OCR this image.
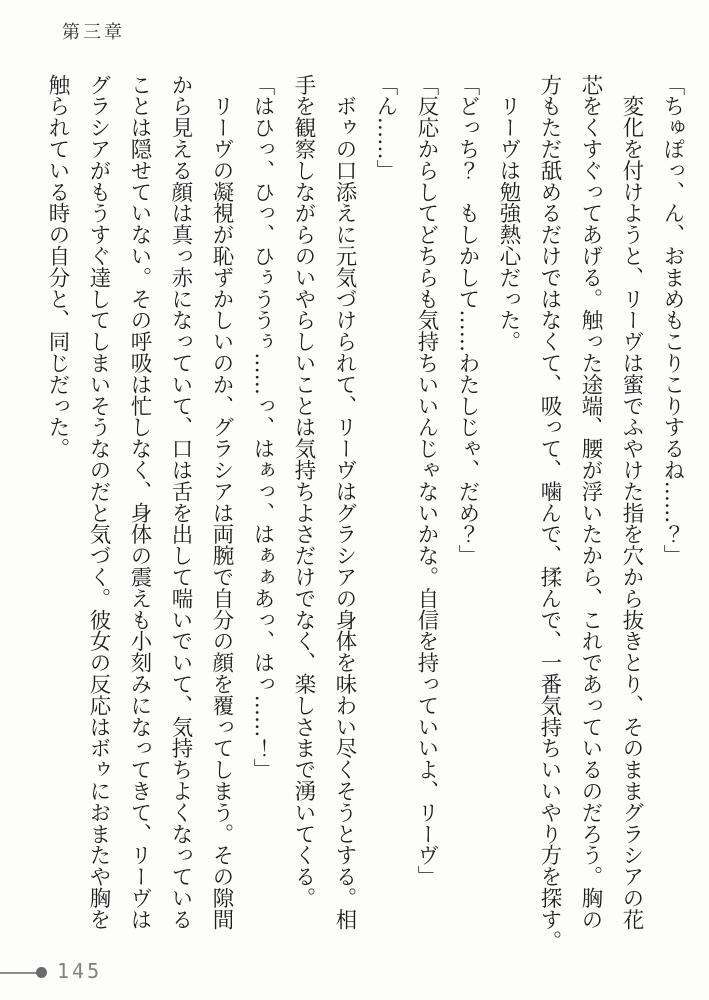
第三章

「ちゅぽっ、ん、おまめもこりこりするね……？」

　変化を付けようと、リーヴは蜜でふやけた指を穴から抜きとり、そのままグラシアの花

芯をくすぐってあげる。触った途端、腰が浮いたから、これであっているのだろう。胸の

方もただ舐めるだけではなくて、吸って、噛んで、揉んで、一番気持ちいいやり方を探す。

　リーヴは勉強熱心だった。

「どっち？　もしかして……わたしじゃ、だめ？」

「反応からしてどちらも気持ちいいんじゃないかな。自信を持っていいよ、リーヴ」

「ん……」

　ボゥの口添えに元気づけられて、リーヴはグラシアの身体を味わい尽くそうとする。相

手を観察しながらのいやらしいことは気持ちよさだけでなく、楽しさまで湧いてくる。

「はひっ、ひっ、ひぅううぅ……っ、はぁっ、はぁぁあっ、はっ……！」

　リーヴの凝視が恥ずかしいのか、グラシアは両腕で自分の顔を覆ってしまう。その隙間

から見える顔は真っ赤になっていて、口は舌を出して喘いでいて、気持ちよくなっている

ことは隠せていない。その呼吸は忙しなく、身体の震えも小刻みになってきて、リーヴは

グラシアがもうすぐ達してしまいそうなのだと気づく。彼女の反応はボゥにおまたや胸を

触られている時の自分と、同じだった。

145
